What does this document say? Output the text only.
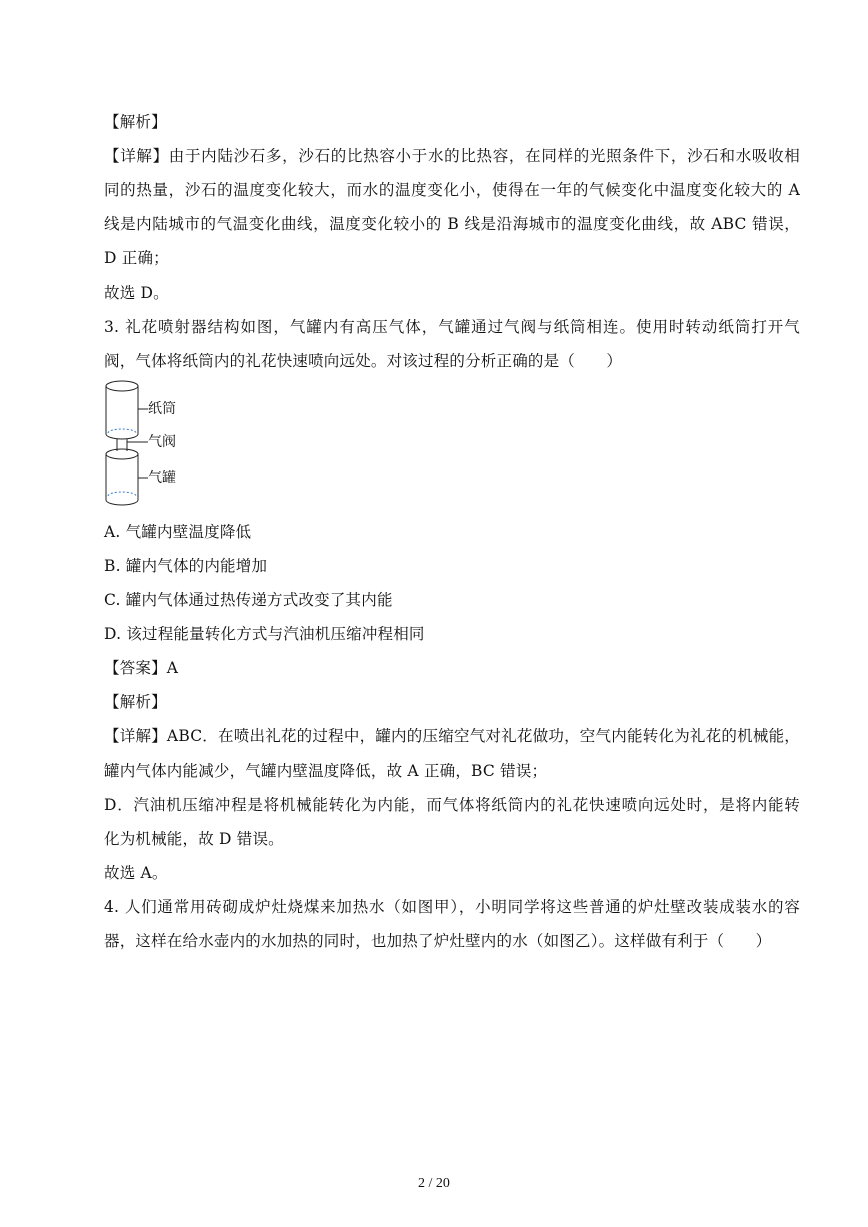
【解析】
【详解】由于内陆沙石多，沙石的比热容小于水的比热容，在同样的光照条件下，沙石和水吸收相
同的热量，沙石的温度变化较大，而水的温度变化小，使得在一年的气候变化中温度变化较大的 A
线是内陆城市的气温变化曲线，温度变化较小的 B 线是沿海城市的温度变化曲线，故 ABC 错误，
D 正确；
故选 D。
3. 礼花喷射器结构如图，气罐内有高压气体，气罐通过气阀与纸筒相连。使用时转动纸筒打开气
阀，气体将纸筒内的礼花快速喷向远处。对该过程的分析正确的是（　　）
纸筒
气阀
气罐
A. 气罐内壁温度降低
B. 罐内气体的内能增加
C. 罐内气体通过热传递方式改变了其内能
D. 该过程能量转化方式与汽油机压缩冲程相同
【答案】A
【解析】
【详解】ABC．在喷出礼花的过程中，罐内的压缩空气对礼花做功，空气内能转化为礼花的机械能，
罐内气体内能减少，气罐内壁温度降低，故 A 正确，BC 错误；
D．汽油机压缩冲程是将机械能转化为内能，而气体将纸筒内的礼花快速喷向远处时，是将内能转
化为机械能，故 D 错误。
故选 A。
4. 人们通常用砖砌成炉灶烧煤来加热水（如图甲），小明同学将这些普通的炉灶壁改装成装水的容
器，这样在给水壶内的水加热的同时，也加热了炉灶壁内的水（如图乙）。这样做有利于（　　）
2 / 20
